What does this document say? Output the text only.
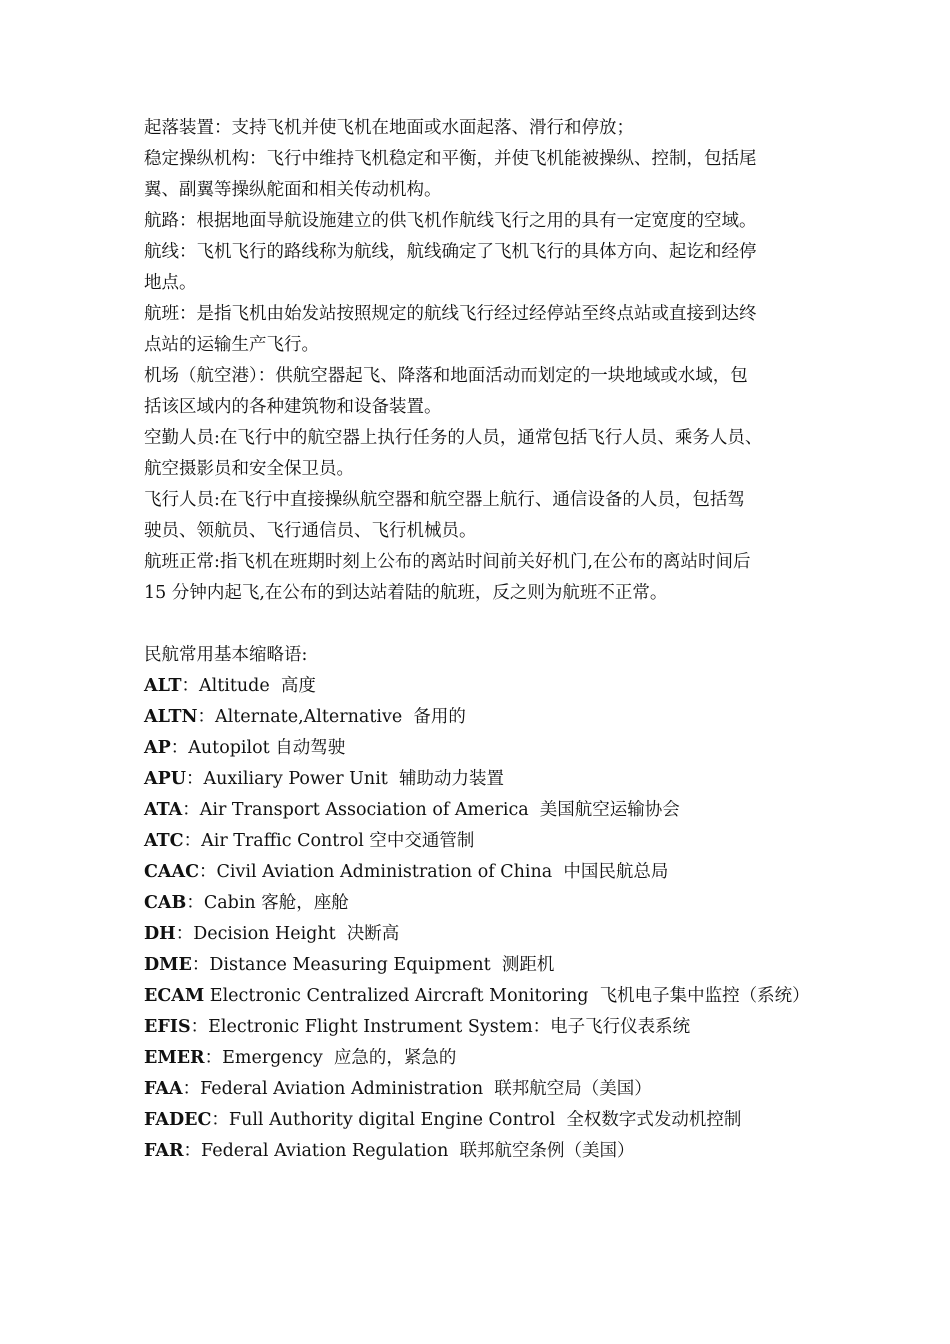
起落装置：支持飞机并使飞机在地面或水面起落、滑行和停放；
稳定操纵机构：飞行中维持飞机稳定和平衡，并使飞机能被操纵、控制，包括尾
翼、副翼等操纵舵面和相关传动机构。
航路：根据地面导航设施建立的供飞机作航线飞行之用的具有一定宽度的空域。
航线：飞机飞行的路线称为航线，航线确定了飞机飞行的具体方向、起讫和经停
地点。
航班：是指飞机由始发站按照规定的航线飞行经过经停站至终点站或直接到达终
点站的运输生产飞行。
机场（航空港）：供航空器起飞、降落和地面活动而划定的一块地域或水域，包
括该区域内的各种建筑物和设备装置。
空勤人员:在飞行中的航空器上执行任务的人员，通常包括飞行人员、乘务人员、
航空摄影员和安全保卫员。
飞行人员:在飞行中直接操纵航空器和航空器上航行、通信设备的人员，包括驾
驶员、领航员、飞行通信员、飞行机械员。
航班正常:指飞机在班期时刻上公布的离站时间前关好机门,在公布的离站时间后
15 分钟内起飞,在公布的到达站着陆的航班，反之则为航班不正常。
民航常用基本缩略语:
ALT：Altitude  高度
ALTN：Alternate,Alternative  备用的
AP：Autopilot 自动驾驶
APU：Auxiliary Power Unit  辅助动力装置
ATA：Air Transport Association of America  美国航空运输协会
ATC：Air Traffic Control 空中交通管制
CAAC：Civil Aviation Administration of China  中国民航总局
CAB：Cabin 客舱，座舱
DH：Decision Height  决断高
DME：Distance Measuring Equipment  测距机
ECAM Electronic Centralized Aircraft Monitoring  飞机电子集中监控（系统）
EFIS：Electronic Flight Instrument System：电子飞行仪表系统
EMER：Emergency  应急的，紧急的
FAA：Federal Aviation Administration  联邦航空局（美国）
FADEC：Full Authority digital Engine Control  全权数字式发动机控制
FAR：Federal Aviation Regulation  联邦航空条例（美国）
